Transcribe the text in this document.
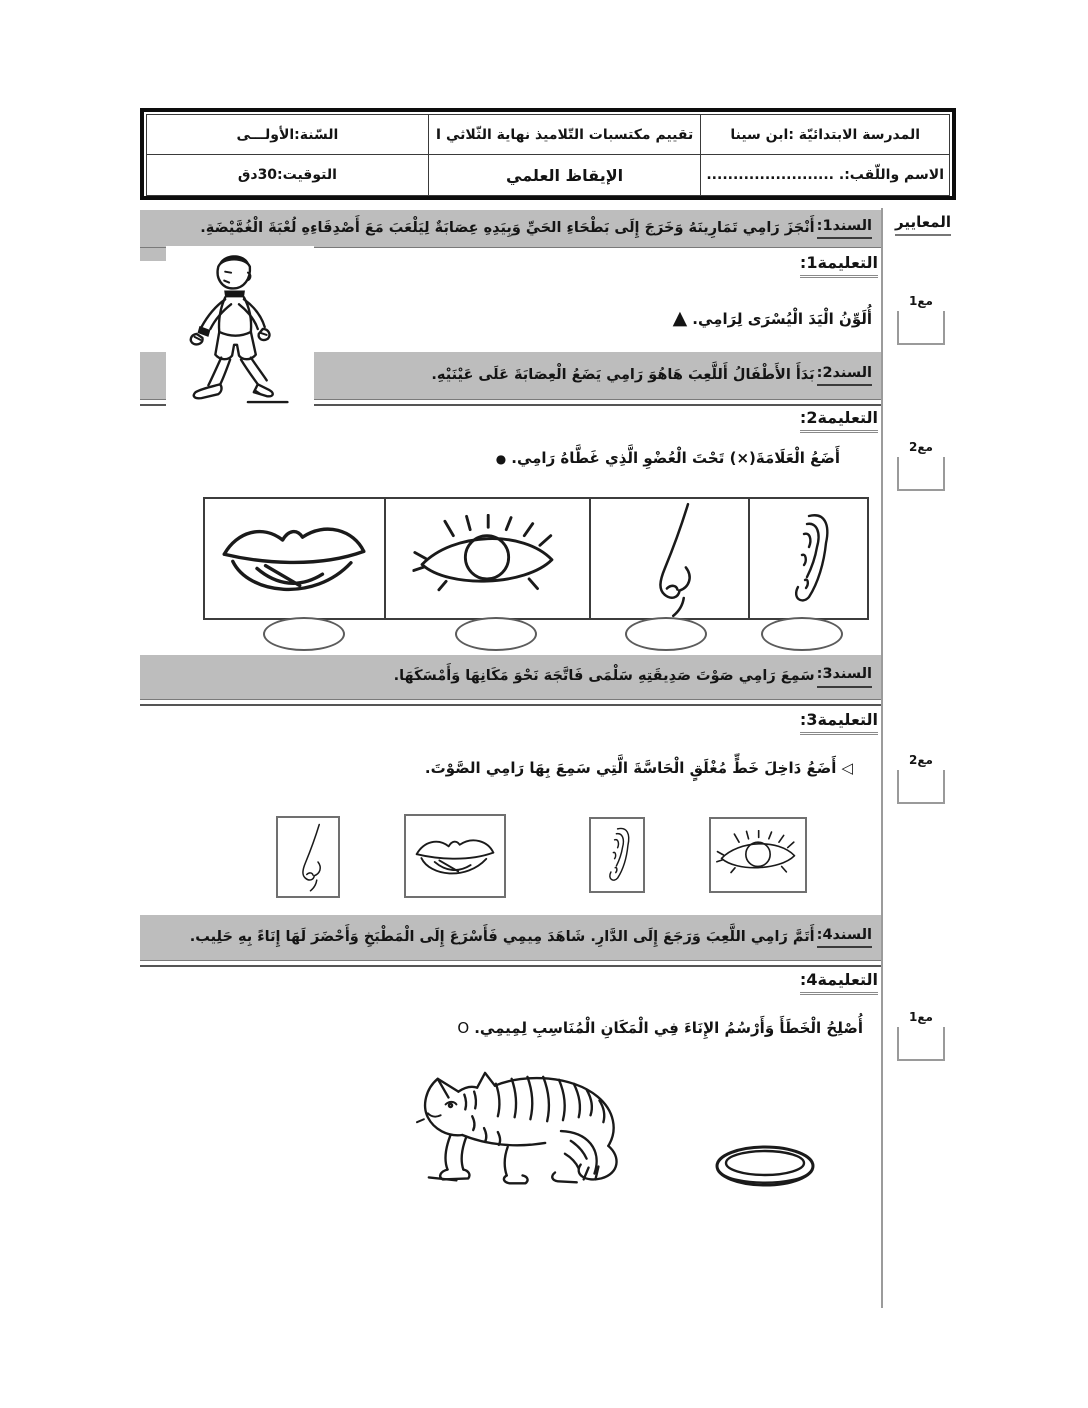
المدرسة الابتدائيّة :ابن سينا
تقييم مكتسبات التّلاميذ نهاية الثّلاثي I
السّنة:الأولـــى
الاسم واللّقب:. ........................
الإيقاظ العلمي
التوقيت:30دق
المعايير
مع1
مع2
مع2
مع1
السند1:
أَنْجَزَ رَامِي تَمَارِينَهُ وَخَرَجَ إِلَى بَطْحَاءِ الحَيِّ وَبِيَدِهِ عِصَابَةٌ لِيَلْعَبَ مَعَ أَصْدِقَاءِهِ لُعْبَةَ الْغُمَّيْضَةِ.
التعليمة1:
أُلَوِّنُ الْيَدَ الْيُسْرَى لِرَامِي.▲
السند2:
بَدَأَ الأَطْفَالُ أَللَّعِبَ هَاهُوَ رَامِي يَضَعُ الْعِصَابَةَ عَلَى عَيْنَيْهِ.
التعليمة2:
أَضَعُ الْعَلَامَةَ(×) تَحْتَ الْعُضْوِ الَّذِي غَطَّاهُ رَامِي.●
السند3:
سَمِعَ رَامِي صَوْتَ صَدِيقَتِهِ سَلْمَى فَاتَّجَهَ نَحْوَ مَكَانِهَا وَأَمْسَكَهَا.
التعليمة3:
◁أَضَعُ دَاخِلَ خَطٍّ مُغْلَقٍ الْحَاسَّةَ الَّتِي سَمِعَ بِهَا رَامِي الصَّوْتَ.
السند4:
أَتَمَّ رَامِي اللَّعِبَ وَرَجَعَ إِلَى الدَّارِ. شَاهَدَ مِيمِي فَأَسْرَعَ إِلَى الْمَطْبَخِ وَأَحْضَرَ لَهَا إِنَاءً بِهِ حَلِيب.
التعليمة4:
أُصْلِحُ الْخَطَأَ وَأَرْسُمُ الإِنَاءَ فِي الْمَكَانِ الْمُنَاسِبِ لِمِيمِي.O
